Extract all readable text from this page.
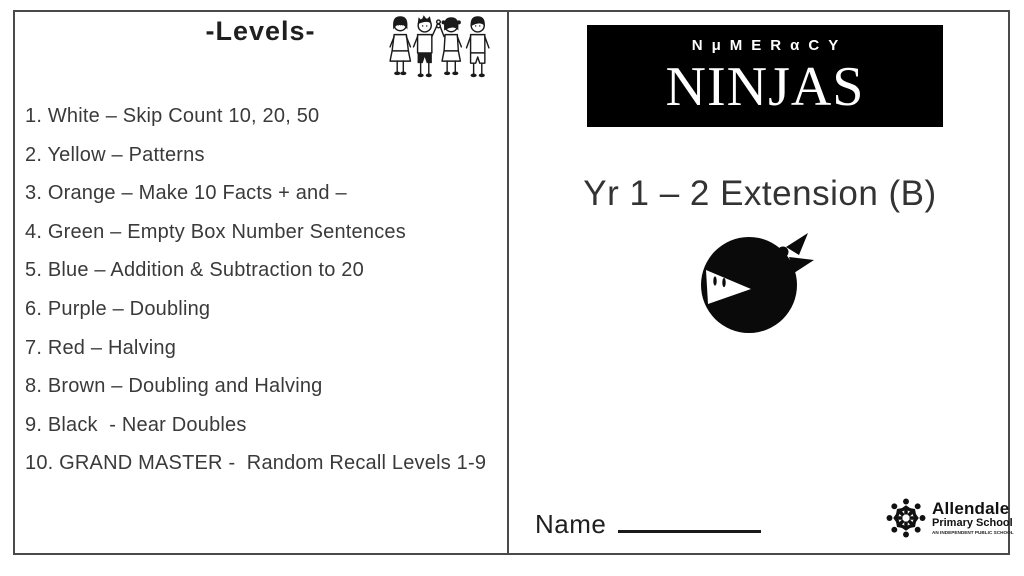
-Levels-
1. White – Skip Count 10, 20, 50
2. Yellow – Patterns
3. Orange – Make 10 Facts + and –
4. Green – Empty Box Number Sentences
5. Blue – Addition & Subtraction to 20
6. Purple – Doubling
7. Red – Halving
8. Brown – Doubling and Halving
9. Black  - Near Doubles
10. GRAND MASTER -  Random Recall Levels 1-9
NμMERαCY
NINJAS
Yr 1 – 2 Extension (B)
Name
Allendale
Primary School
AN INDEPENDENT PUBLIC SCHOOL
